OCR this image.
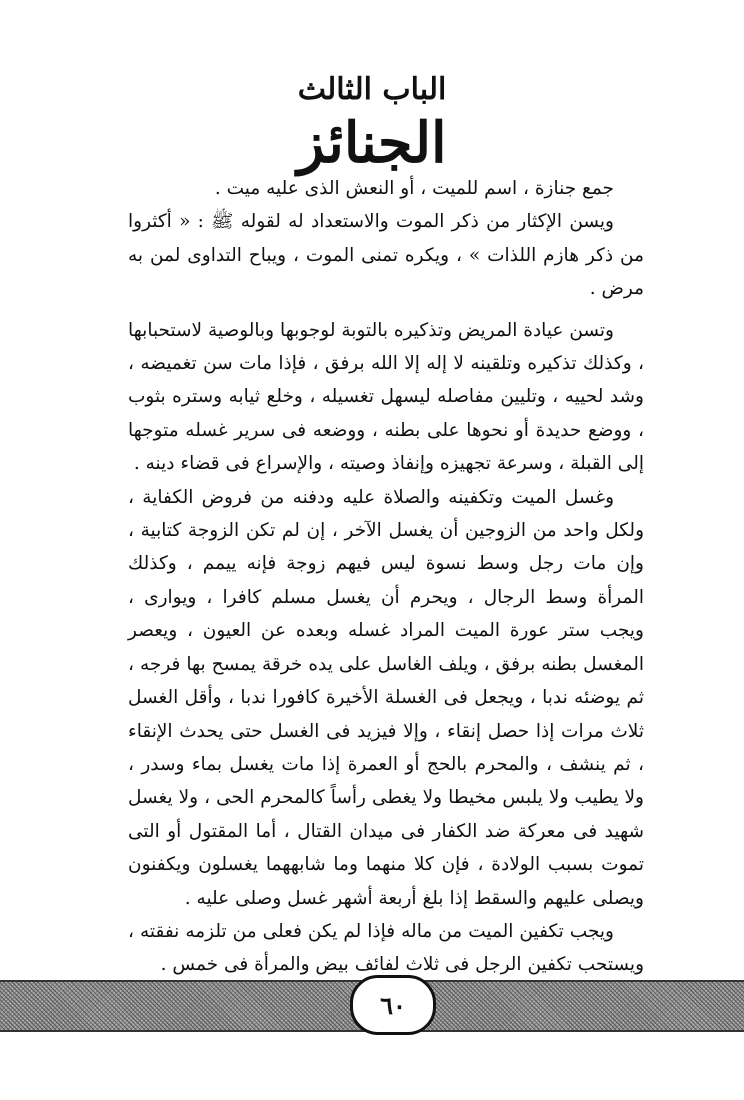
الباب الثالث
الجنائز

جمع جنازة ، اسم للميت ، أو النعش الذى عليه ميت .

ويسن الإكثار من ذكر الموت والاستعداد له لقوله ﷺ : « أكثروا من ذكر هازم اللذات » ، ويكره تمنى الموت ، ويباح التداوى لمن به مرض .

وتسن عيادة المريض وتذكيره بالتوبة لوجوبها وبالوصية لاستحبابها ، وكذلك تذكيره وتلقينه لا إله إلا الله برفق ، فإذا مات سن تغميضه ، وشد لحييه ، وتليين مفاصله ليسهل تغسيله ، وخلع ثيابه وستره بثوب ، ووضع حديدة أو نحوها على بطنه ، ووضعه فى سرير غسله متوجها إلى القبلة ، وسرعة تجهيزه وإنفاذ وصيته ، والإسراع فى قضاء دينه .

وغسل الميت وتكفينه والصلاة عليه ودفنه من فروض الكفاية ، ولكل واحد من الزوجين أن يغسل الآخر ، إن لم تكن الزوجة كتابية ، وإن مات رجل وسط نسوة ليس فيهم زوجة فإنه ييمم ، وكذلك المرأة وسط الرجال ، ويحرم أن يغسل مسلم كافرا ، ويوارى ، ويجب ستر عورة الميت المراد غسله وبعده عن العيون ، ويعصر المغسل بطنه برفق ، ويلف الغاسل على يده خرقة يمسح بها فرجه ، ثم يوضئه ندبا ، ويجعل فى الغسلة الأخيرة كافورا ندبا ، وأقل الغسل ثلاث مرات إذا حصل إنقاء ، وإلا فيزيد فى الغسل حتى يحدث الإنقاء ، ثم ينشف ، والمحرم بالحج أو العمرة إذا مات يغسل بماء وسدر ، ولا يطيب ولا يلبس مخيطا ولا يغطى رأساً كالمحرم الحى ، ولا يغسل شهيد فى معركة ضد الكفار فى ميدان القتال ، أما المقتول أو التى تموت بسبب الولادة ، فإن كلا منهما وما شابههما يغسلون ويكفنون ويصلى عليهم والسقط إذا بلغ أربعة أشهر غسل وصلى عليه .

ويجب تكفين الميت من ماله فإذا لم يكن فعلى من تلزمه نفقته ، ويستحب تكفين الرجل فى ثلاث لفائف بيض والمرأة فى خمس .

٦٠
